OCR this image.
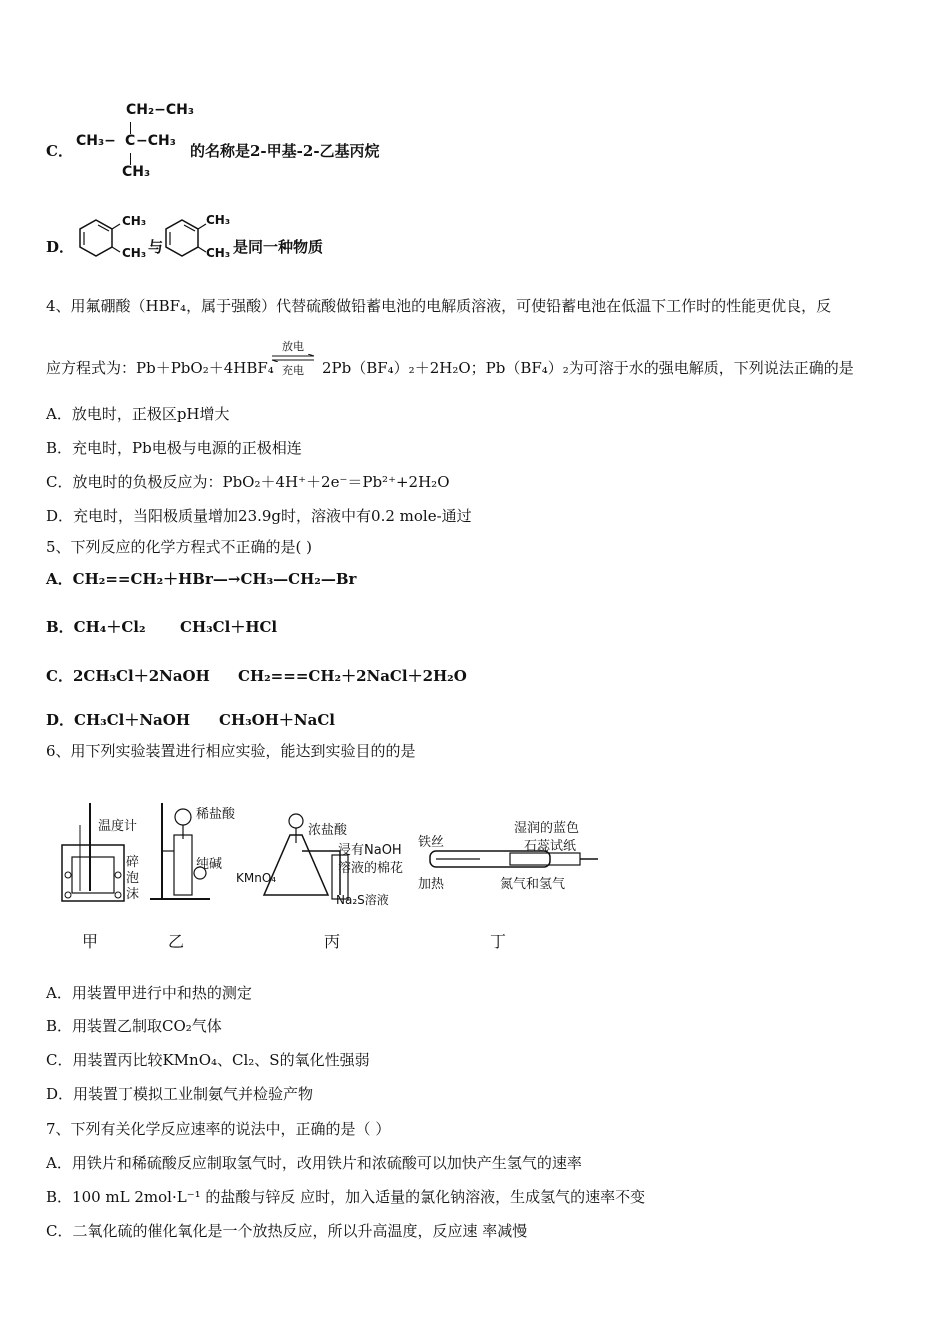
C．
CH₂−CH₃
CH₃− C −CH₃
CH₃
的名称是2-甲基-2-乙基丙烷
D．
CH₃
CH₃ 与
CH₃
CH₃ 是同一种物质
4、用氟硼酸（HBF₄，属于强酸）代替硫酸做铅蓄电池的电解质溶液，可使铅蓄电池在低温下工作时的性能更优良，反
应方程式为：Pb＋PbO₂＋4HBF₄
放电
充电	2Pb（BF₄）₂＋2H₂O；Pb（BF₄）₂为可溶于水的强电解质，下列说法正确的是
A．放电时，正极区pH增大
B．充电时，Pb电极与电源的正极相连
C．放电时的负极反应为：PbO₂＋4H⁺＋2e⁻＝Pb²⁺+2H₂O
D．充电时，当阳极质量增加23.9g时，溶液中有0.2 mole-通过
5、下列反应的化学方程式不正确的是( )
A．CH₂==CH₂＋HBr—→CH₃—CH₂—Br
B．CH₄＋Cl₂ CH₃Cl＋HCl
C．2CH₃Cl＋2NaOH CH₂===CH₂＋2NaCl＋2H₂O
D．CH₃Cl＋NaOH CH₃OH＋NaCl
6、用下列实验装置进行相应实验，能达到实验目的的是
温度计
碎
泡
沫
稀盐酸
纯碱
浓盐酸
浸有NaOH
溶液的棉花
KMnO₄
Na₂S溶液
铁丝
加热
湿润的蓝色
石蕊试纸
氮气和氢气
甲	乙	丙	丁
A．用装置甲进行中和热的测定
B．用装置乙制取CO₂气体
C．用装置丙比较KMnO₄、Cl₂、S的氧化性强弱
D．用装置丁模拟工业制氨气并检验产物
7、下列有关化学反应速率的说法中，正确的是（ ）
A．用铁片和稀硫酸反应制取氢气时，改用铁片和浓硫酸可以加快产生氢气的速率
B．100 mL 2mol·L⁻¹ 的盐酸与锌反 应时，加入适量的氯化钠溶液，生成氢气的速率不变
C．二氧化硫的催化氧化是一个放热反应，所以升高温度，反应速 率减慢
